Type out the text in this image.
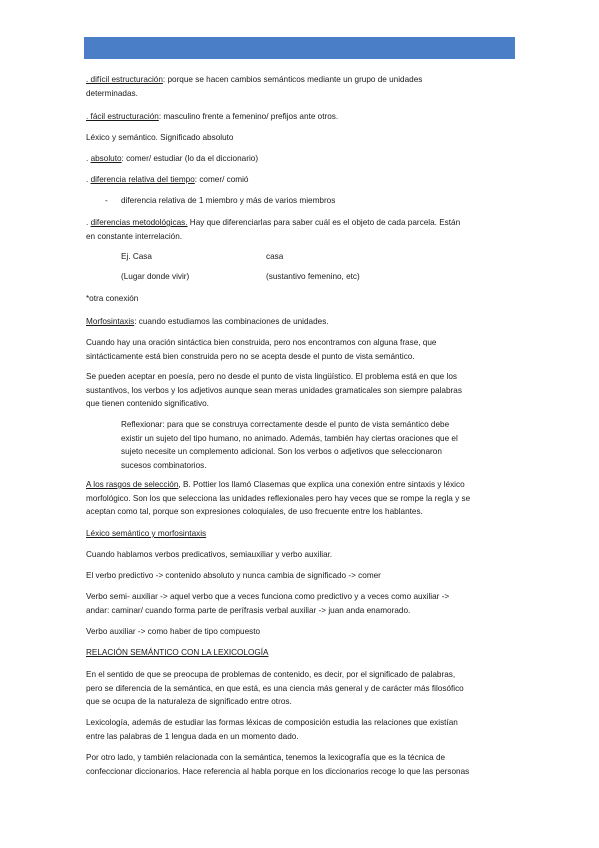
. difícil estructuración: porque se hacen cambios semánticos mediante un grupo de unidades
determinadas.
. fácil estructuración: masculino frente a femenino/ prefijos ante otros.
Léxico y semántico. Significado absoluto
. absoluto: comer/ estudiar (lo da el diccionario)
. diferencia relativa del tiempo: comer/ comió
- diferencia relativa de 1 miembro y más de varios miembros
. diferencias metodológicas. Hay que diferenciarlas para saber cuál es el objeto de cada parcela. Están
en constante interrelación.
Ej. Casa	casa
(Lugar donde vivir)	(sustantivo femenino, etc)
*otra conexión
Morfosintaxis: cuando estudiamos las combinaciones de unidades.
Cuando hay una oración sintáctica bien construida, pero nos encontramos con alguna frase, que
sintácticamente está bien construida pero no se acepta desde el punto de vista semántico.
Se pueden aceptar en poesía, pero no desde el punto de vista lingüístico. El problema está en que los
sustantivos, los verbos y los adjetivos aunque sean meras unidades gramaticales son siempre palabras
que tienen contenido significativo.
Reflexionar: para que se construya correctamente desde el punto de vista semántico debe
existir un sujeto del tipo humano, no animado. Además, también hay ciertas oraciones que el
sujeto necesite un complemento adicional. Son los verbos o adjetivos que seleccionaron
sucesos combinatorios.
A los rasgos de selección, B. Pottier los llamó Clasemas que explica una conexión entre sintaxis y léxico
morfológico. Son los que selecciona las unidades reflexionales pero hay veces que se rompe la regla y se
aceptan como tal, porque son expresiones coloquiales, de uso frecuente entre los hablantes.
Léxico semántico y morfosintaxis
Cuando hablamos verbos predicativos, semiauxiliar y verbo auxiliar.
El verbo predictivo -> contenido absoluto y nunca cambia de significado -> comer
Verbo semi- auxiliar -> aquel verbo que a veces funciona como predictivo y a veces como auxiliar ->
andar: caminar/ cuando forma parte de perífrasis verbal auxiliar -> juan anda enamorado.
Verbo auxiliar -> como haber de tipo compuesto
RELACIÓN SEMÁNTICO CON LA LEXICOLOGÍA
En el sentido de que se preocupa de problemas de contenido, es decir, por el significado de palabras,
pero se diferencia de la semántica, en que está, es una ciencia más general y de carácter más filosófico
que se ocupa de la naturaleza de significado entre otros.
Lexicología, además de estudiar las formas léxicas de composición estudia las relaciones que existían
entre las palabras de 1 lengua dada en un momento dado.
Por otro lado, y también relacionada con la semántica, tenemos la lexicografía que es la técnica de
confeccionar diccionarios. Hace referencia al habla porque en los diccionarios recoge lo que las personas
